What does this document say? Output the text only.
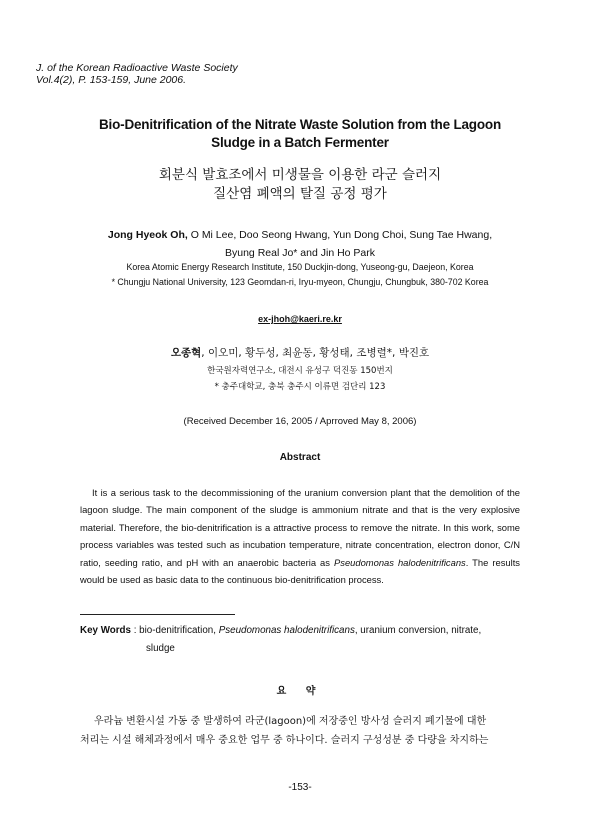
J. of the Korean Radioactive Waste Society
Vol.4(2), P. 153-159, June 2006.
Bio-Denitrification of the Nitrate Waste Solution from the Lagoon
Sludge in a Batch Fermenter
회분식 발효조에서 미생물을 이용한 라군 슬러지
질산염 폐액의 탈질 공정 평가
Jong Hyeok Oh, O Mi Lee, Doo Seong Hwang, Yun Dong Choi, Sung Tae Hwang,
Byung Real Jo* and Jin Ho Park
Korea Atomic Energy Research Institute, 150 Duckjin-dong, Yuseong-gu, Daejeon, Korea
* Chungju National University, 123 Geomdan-ri, Iryu-myeon, Chungju, Chungbuk, 380-702 Korea
ex-jhoh@kaeri.re.kr
오종혁, 이오미, 황두성, 최윤동, 황성태, 조병렬*, 박진호
한국원자력연구소, 대전시 유성구 덕진동 150번지
* 충주대학교, 충북 충주시 이류면 검단리 123
(Received December 16, 2005 / Aprroved May 8, 2006)
Abstract
It is a serious task to the decommissioning of the uranium conversion plant that the demolition of the lagoon sludge. The main component of the sludge is ammonium nitrate and that is the very explosive material. Therefore, the bio-denitrification is a attractive process to remove the nitrate. In this work, some process variables was tested such as incubation temperature, nitrate concentration, electron donor, C/N ratio, seeding ratio, and pH with an anaerobic bacteria as Pseudomonas halodenitrificans. The results would be used as basic data to the continuous bio-denitrification process.
Key Words : bio-denitrification, Pseudomonas halodenitrificans, uranium conversion, nitrate,
sludge
요 약
우라늄 변환시설 가동 중 발생하여 라군(lagoon)에 저장중인 방사성 슬러지 폐기물에 대한
처리는 시설 해체과정에서 매우 중요한 업무 중 하나이다. 슬러지 구성성분 중 다량을 차지하는
-153-
